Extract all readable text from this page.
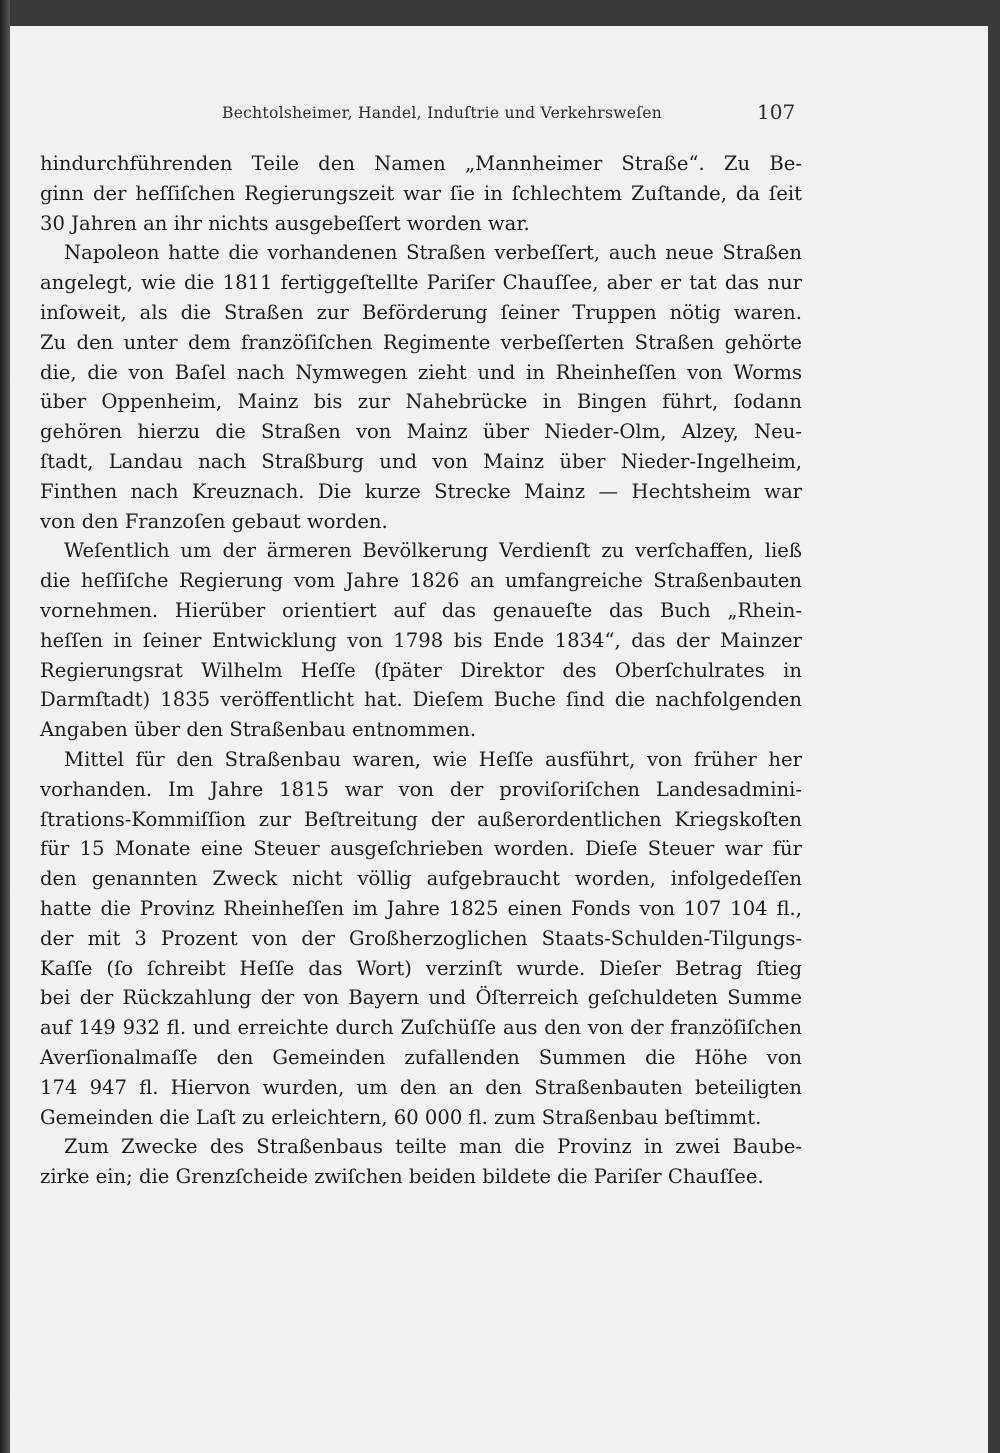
Bechtolsheimer, Handel, Induſtrie und Verkehrsweſen	107
hindurchführenden Teile den Namen „Mannheimer Straße“. Zu Be-
ginn der heſſiſchen Regierungszeit war ſie in ſchlechtem Zuſtande, da ſeit
30 Jahren an ihr nichts ausgebeſſert worden war.
Napoleon hatte die vorhandenen Straßen verbeſſert, auch neue Straßen
angelegt, wie die 1811 fertiggeſtellte Pariſer Chauſſee, aber er tat das nur
inſoweit, als die Straßen zur Beförderung ſeiner Truppen nötig waren.
Zu den unter dem franzöſiſchen Regimente verbeſſerten Straßen gehörte
die, die von Baſel nach Nymwegen zieht und in Rheinheſſen von Worms
über Oppenheim, Mainz bis zur Nahebrücke in Bingen führt, ſodann
gehören hierzu die Straßen von Mainz über Nieder-Olm, Alzey, Neu-
ſtadt, Landau nach Straßburg und von Mainz über Nieder-Ingelheim,
Finthen nach Kreuznach. Die kurze Strecke Mainz — Hechtsheim war
von den Franzoſen gebaut worden.
Weſentlich um der ärmeren Bevölkerung Verdienſt zu verſchaffen, ließ
die heſſiſche Regierung vom Jahre 1826 an umfangreiche Straßenbauten
vornehmen. Hierüber orientiert auf das genaueſte das Buch „Rhein-
heſſen in ſeiner Entwicklung von 1798 bis Ende 1834“, das der Mainzer
Regierungsrat Wilhelm Heſſe (ſpäter Direktor des Oberſchulrates in
Darmſtadt) 1835 veröffentlicht hat. Dieſem Buche ſind die nachfolgenden
Angaben über den Straßenbau entnommen.
Mittel für den Straßenbau waren, wie Heſſe ausführt, von früher her
vorhanden. Im Jahre 1815 war von der proviſoriſchen Landesadmini-
ſtrations-Kommiſſion zur Beſtreitung der außerordentlichen Kriegskoſten
für 15 Monate eine Steuer ausgeſchrieben worden. Dieſe Steuer war für
den genannten Zweck nicht völlig aufgebraucht worden, infolgedeſſen
hatte die Provinz Rheinheſſen im Jahre 1825 einen Fonds von 107 104 fl.,
der mit 3 Prozent von der Großherzoglichen Staats-Schulden-Tilgungs-
Kaſſe (ſo ſchreibt Heſſe das Wort) verzinſt wurde. Dieſer Betrag ſtieg
bei der Rückzahlung der von Bayern und Öſterreich geſchuldeten Summe
auf 149 932 fl. und erreichte durch Zuſchüſſe aus den von der franzöſiſchen
Averſionalmaſſe den Gemeinden zufallenden Summen die Höhe von
174 947 fl. Hiervon wurden, um den an den Straßenbauten beteiligten
Gemeinden die Laſt zu erleichtern, 60 000 fl. zum Straßenbau beſtimmt.
Zum Zwecke des Straßenbaus teilte man die Provinz in zwei Baube-
zirke ein; die Grenzſcheide zwiſchen beiden bildete die Pariſer Chauſſee.
